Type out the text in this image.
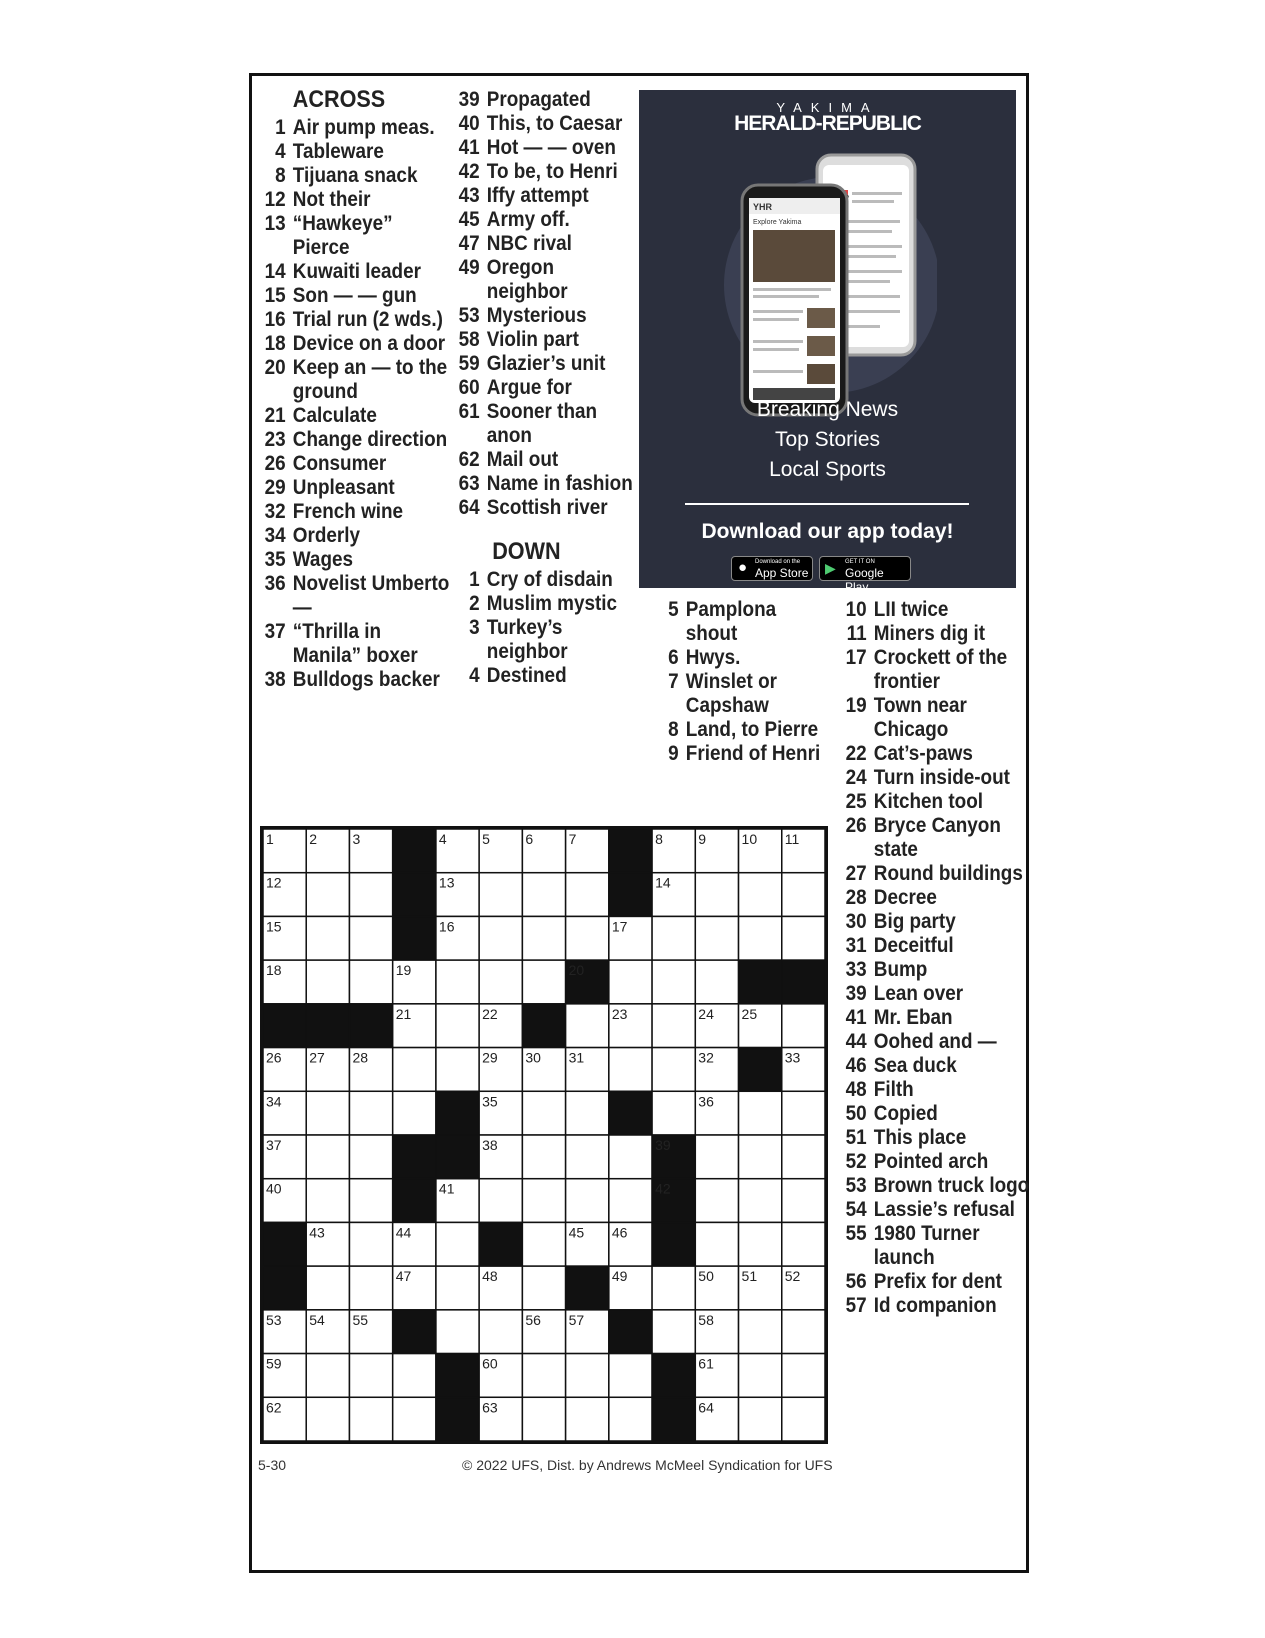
ACROSS
1 Air pump meas.
4 Tableware
8 Tijuana snack
12 Not their
13 “Hawkeye” Pierce
14 Kuwaiti leader
15 Son — — gun
16 Trial run (2 wds.)
18 Device on a door
20 Keep an — to the ground
21 Calculate
23 Change direction
26 Consumer
29 Unpleasant
32 French wine
34 Orderly
35 Wages
36 Novelist Umberto —
37 “Thrilla in Manila” boxer
38 Bulldogs backer
39 Propagated
40 This, to Caesar
41 Hot — — oven
42 To be, to Henri
43 Iffy attempt
45 Army off.
47 NBC rival
49 Oregon neighbor
53 Mysterious
58 Violin part
59 Glazier’s unit
60 Argue for
61 Sooner than anon
62 Mail out
63 Name in fashion
64 Scottish river
DOWN
1 Cry of disdain
2 Muslim mystic
3 Turkey’s neighbor
4 Destined
5 Pamplona shout
6 Hwys.
7 Winslet or Capshaw
8 Land, to Pierre
9 Friend of Henri
10 LII twice
11 Miners dig it
17 Crockett of the frontier
19 Town near Chicago
22 Cat’s-paws
24 Turn inside-out
25 Kitchen tool
26 Bryce Canyon state
27 Round buildings
28 Decree
30 Big party
31 Deceitful
33 Bump
39 Lean over
41 Mr. Eban
44 Oohed and —
46 Sea duck
48 Filth
50 Copied
51 This place
52 Pointed arch
53 Brown truck logo
54 Lassie’s refusal
55 1980 Turner launch
56 Prefix for dent
57 Id companion
YAKIMA
HERALD-REPUBLIC
YHR
Explore Yakima
Breaking News
Top Stories
Local Sports
Download our app today!
● Download on the
App Store ▶ GET IT ON
Google Play
1	2	3	4	5	6	7	8	9	10 11
12	13	14
15	16	17
18	19	20
21	22	23	24 25
26 27 28	29 30 31	32	33
34	35	36
37	38	39
40	41	42
43	44	45 46
47	48	49	50 51 52
53 54 55	56 57	58
59	60	61
62	63	64
5-30	© 2022 UFS, Dist. by Andrews McMeel Syndication for UFS
